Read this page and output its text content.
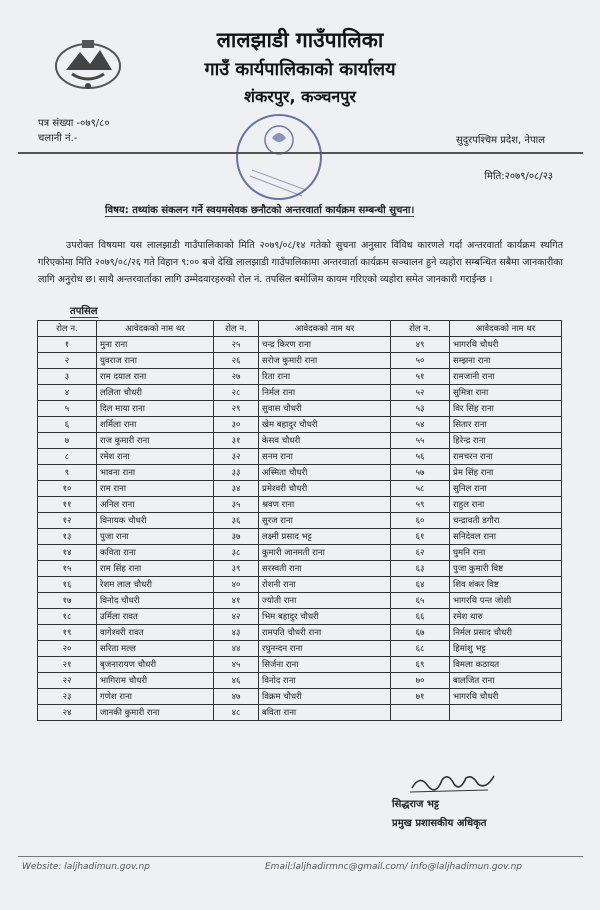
लालझाडी गाउँपालिका
गाउँ कार्यपालिकाको कार्यालय
शंकरपुर, कञ्चनपुर
पत्र संख्या -०७९/८०
चलानी नं.-	सुदुरपश्चिम प्रदेश, नेपाल
मिति:२०७९/०८/२३
विषय: तथ्यांक संकलन गर्ने स्वयमसेवक छनौटको अन्तरवार्ता कार्यक्रम सम्बन्धी सुचना।
उपरोक्त विषयमा यस लालझाडी गाउँपालिकाको मिति २०७९/०८/१४ गतेको सुचना अनुसार विविध कारणले गर्दा अन्तरवार्ता कार्यक्रम स्थगित गरिएकोमा मिति २०७९/०८/२६ गते विहान ९:०० बजे देखि लालझाडी गाउँपालिकामा अन्तरवार्ता कार्यक्रम सञ्चालन हुने व्यहोरा सम्बन्धित सबैमा जानकारीका लागि अनुरोध छ। साथै अन्तरवार्ताका लागि उम्मेदवारहरुको रोल नं. तपसिल बमोजिम कायम गरिएको व्यहोरा समेत जानकारी गराईन्छ ।
तपसिल
रोल न.	आवेदकको नाम थर	रोल न.	आवेदकको नाम थर	रोल न.	आवेदकको नाम थर
१	मुना राना	२५	चन्द्र किरण राना	४९	भागरथि चौधरी
२	युवराज राना	२६	सरोज कुमारी राना	५०	सम्झना राना
३	राम दयाल राना	२७	रिता राना	५१	रामजानी राना
४	ललिता चौधरी	२८	निर्मल राना	५२	सुमित्रा राना
५	दिल माया राना	२९	सुवास चौधरी	५३	विर सिंह राना
६	शर्मिला राना	३०	खेम बहादुर चौधरी	५४	सितार राना
७	राज कुमारी राना	३१	केसव चौधरी	५५	हिरेन्द्र राना
८	रमेश राना	३२	सनम राना	५६	रामचरन राना
९	भावना राना	३३	अस्मिता चौधरी	५७	प्रेम सिंह राना
१०	राम राना	३४	प्रमेश्वरी चौधरी	५८	सुनिल राना
११	अनिल राना	३५	श्रवण राना	५९	राहुल राना
१२	विनायक चौधरी	३६	सुरज राना	६०	चन्द्रावती डगौरा
१३	पुजा राना	३७	लक्ष्मी प्रसाद भट्ट	६१	सनिदेवल राना
१४	कविता राना	३८	कुमारी जानमती राना	६२	घुमनि राना
१५	राम सिंह राना	३९	सरस्वती राना	६३	पुजा कुमारी विष्ट
१६	रेशम लाल चौधरी	४०	रोशनी राना	६४	शिव शंकर विष्ट
१७	विनोद चौधरी	४१	ज्योती राना	६५	भागरथि पन्त जोशी
१८	उर्मिला रावत	४२	भिम बहादुर चौधरी	६६	रमेश थारु
१९	वागेश्वरी रावत	४३	रामपति चौधरी राना	६७	निर्मल प्रसाद चौधरी
२०	सरिता मल्ल	४४	रघुनन्दन राना	६८	हिमांशु भट्ट
२१	बृजनारायण चौधरी	४५	सिर्जना राना	६९	विमला कठायत
२२	भागिराम चौधरी	४६	विनोद राना	७०	बालजित राना
२३	गणेश राना	४७	विक्रम चौधरी	७१	भागरथि चौधरी
२४	जानकी कुमारी राना	४८	बविता राना		
सिद्धराज भट्ट
प्रमुख प्रशासकीय अधिकृत
Website: laljhadimun.gov.np	Email:laljhadirmnc@gmail.com/ info@laljhadimun.gov.np
